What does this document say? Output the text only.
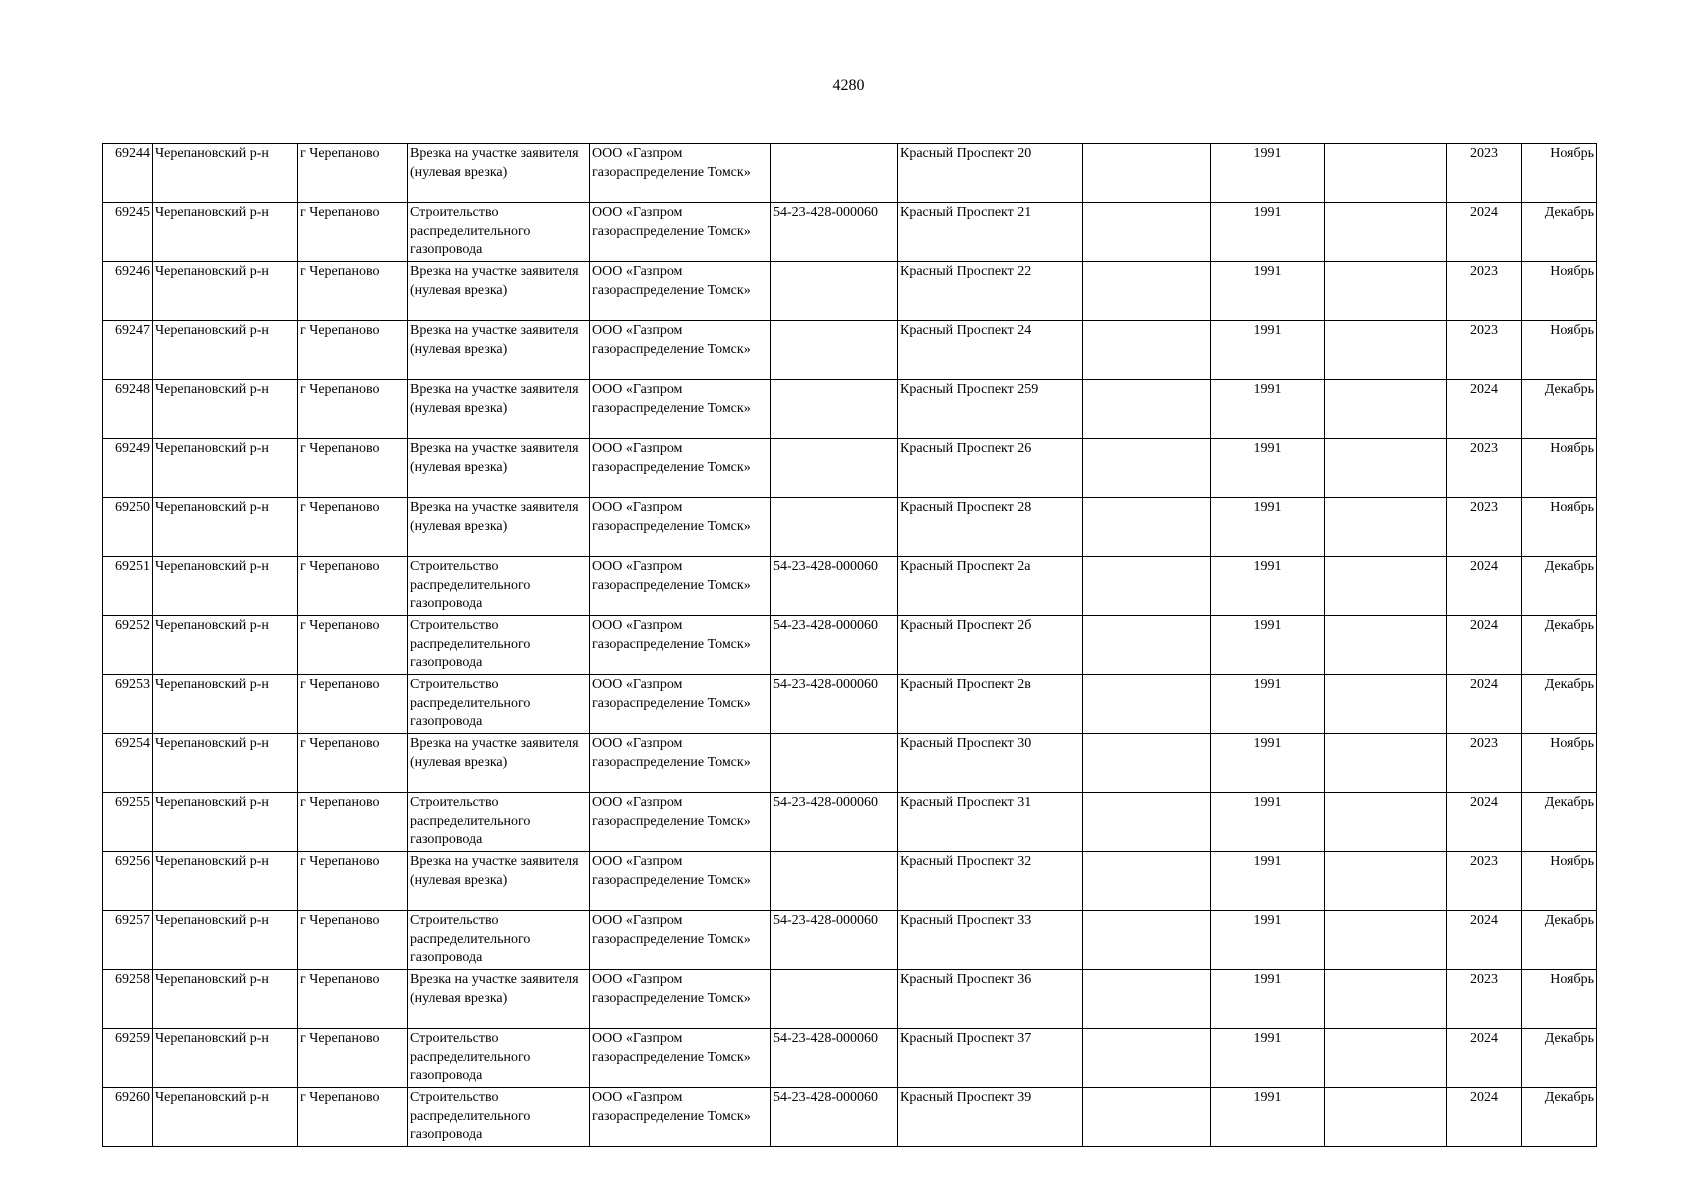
4280
69244	Черепановский р-н	г Черепаново	Врезка на участке заявителя (нулевая врезка)	ООО «Газпром газораспределение Томск»		Красный Проспект 20		1991		2023	Ноябрь
69245	Черепановский р-н	г Черепаново	Строительство распределительного газопровода	ООО «Газпром газораспределение Томск»	54-23-428-000060	Красный Проспект 21		1991		2024	Декабрь
69246	Черепановский р-н	г Черепаново	Врезка на участке заявителя (нулевая врезка)	ООО «Газпром газораспределение Томск»		Красный Проспект 22		1991		2023	Ноябрь
69247	Черепановский р-н	г Черепаново	Врезка на участке заявителя (нулевая врезка)	ООО «Газпром газораспределение Томск»		Красный Проспект 24		1991		2023	Ноябрь
69248	Черепановский р-н	г Черепаново	Врезка на участке заявителя (нулевая врезка)	ООО «Газпром газораспределение Томск»		Красный Проспект 259		1991		2024	Декабрь
69249	Черепановский р-н	г Черепаново	Врезка на участке заявителя (нулевая врезка)	ООО «Газпром газораспределение Томск»		Красный Проспект 26		1991		2023	Ноябрь
69250	Черепановский р-н	г Черепаново	Врезка на участке заявителя (нулевая врезка)	ООО «Газпром газораспределение Томск»		Красный Проспект 28		1991		2023	Ноябрь
69251	Черепановский р-н	г Черепаново	Строительство распределительного газопровода	ООО «Газпром газораспределение Томск»	54-23-428-000060	Красный Проспект 2а		1991		2024	Декабрь
69252	Черепановский р-н	г Черепаново	Строительство распределительного газопровода	ООО «Газпром газораспределение Томск»	54-23-428-000060	Красный Проспект 2б		1991		2024	Декабрь
69253	Черепановский р-н	г Черепаново	Строительство распределительного газопровода	ООО «Газпром газораспределение Томск»	54-23-428-000060	Красный Проспект 2в		1991		2024	Декабрь
69254	Черепановский р-н	г Черепаново	Врезка на участке заявителя (нулевая врезка)	ООО «Газпром газораспределение Томск»		Красный Проспект 30		1991		2023	Ноябрь
69255	Черепановский р-н	г Черепаново	Строительство распределительного газопровода	ООО «Газпром газораспределение Томск»	54-23-428-000060	Красный Проспект 31		1991		2024	Декабрь
69256	Черепановский р-н	г Черепаново	Врезка на участке заявителя (нулевая врезка)	ООО «Газпром газораспределение Томск»		Красный Проспект 32		1991		2023	Ноябрь
69257	Черепановский р-н	г Черепаново	Строительство распределительного газопровода	ООО «Газпром газораспределение Томск»	54-23-428-000060	Красный Проспект 33		1991		2024	Декабрь
69258	Черепановский р-н	г Черепаново	Врезка на участке заявителя (нулевая врезка)	ООО «Газпром газораспределение Томск»		Красный Проспект 36		1991		2023	Ноябрь
69259	Черепановский р-н	г Черепаново	Строительство распределительного газопровода	ООО «Газпром газораспределение Томск»	54-23-428-000060	Красный Проспект 37		1991		2024	Декабрь
69260	Черепановский р-н	г Черепаново	Строительство распределительного газопровода	ООО «Газпром газораспределение Томск»	54-23-428-000060	Красный Проспект 39		1991		2024	Декабрь
